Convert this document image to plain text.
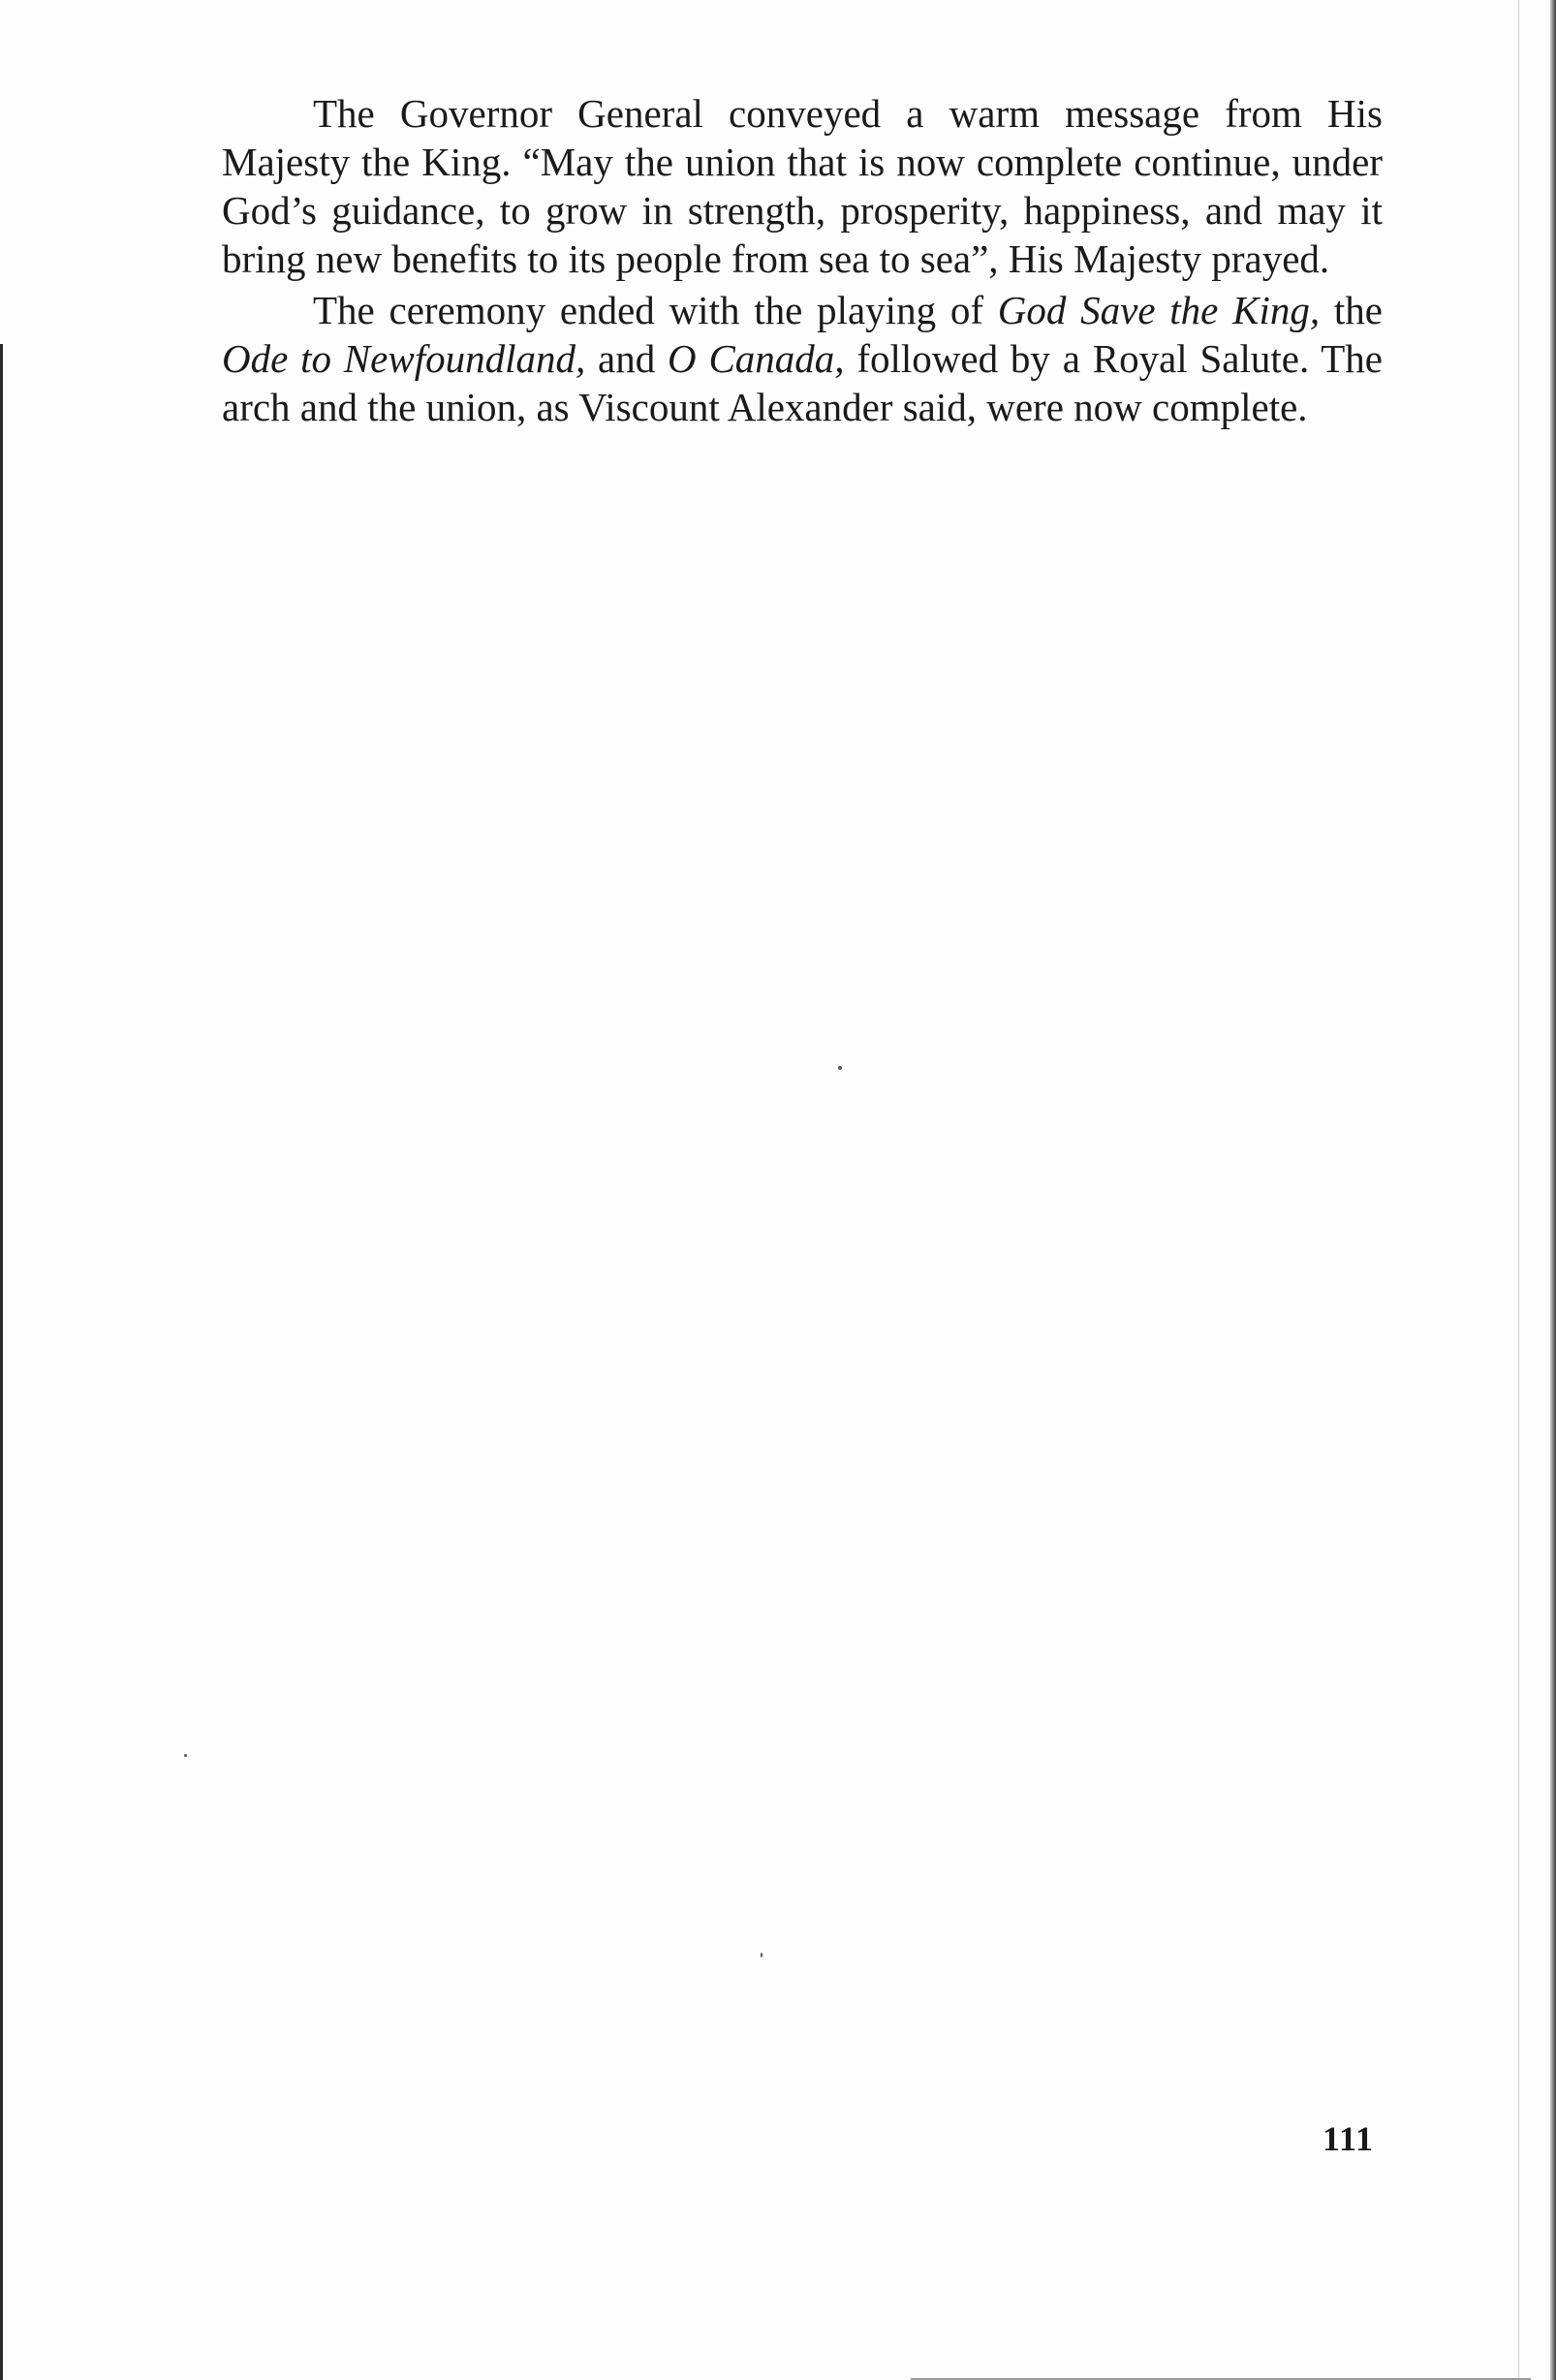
The Governor General conveyed a warm message from His Majesty the King. “May the union that is now complete continue, under God’s guidance, to grow in strength, prosperity, happiness, and may it bring new benefits to its people from sea to sea”, His Majesty prayed.

The ceremony ended with the playing of God Save the King, the Ode to Newfoundland, and O Canada, followed by a Royal Salute. The arch and the union, as Viscount Alexander said, were now complete.

111
